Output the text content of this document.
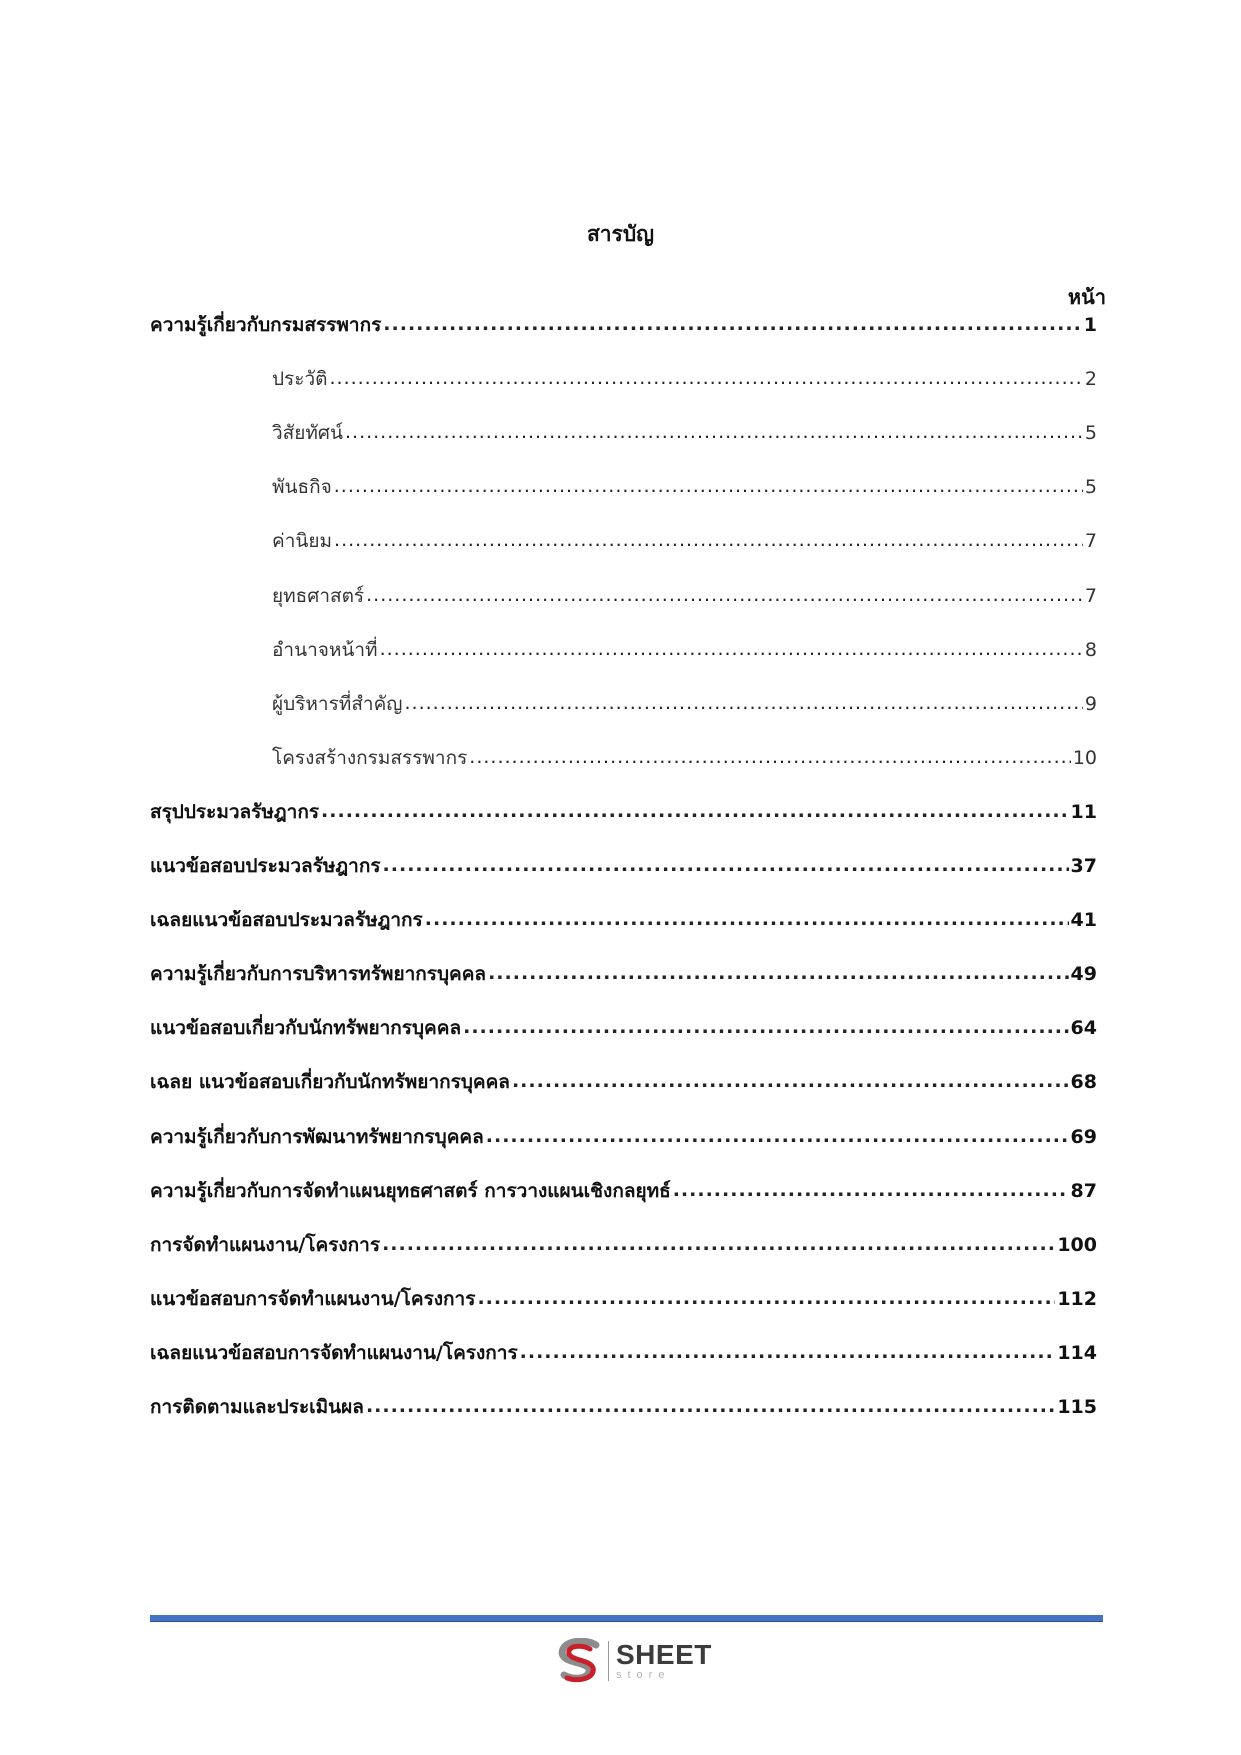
สารบัญ
หน้า
ความรู้เกี่ยวกับกรมสรรพากร .....	1
ประวัติ .....	2
วิสัยทัศน์ .....	5
พันธกิจ .....	5
ค่านิยม .....	7
ยุทธศาสตร์ .....	7
อำนาจหน้าที่ .....	8
ผู้บริหารที่สำคัญ .....	9
โครงสร้างกรมสรรพากร .....	10
สรุปประมวลรัษฎากร .....	11
แนวข้อสอบประมวลรัษฎากร .....	37
เฉลยแนวข้อสอบประมวลรัษฎากร .....	41
ความรู้เกี่ยวกับการบริหารทรัพยากรบุคคล .....	49
แนวข้อสอบเกี่ยวกับนักทรัพยากรบุคคล .....	64
เฉลย แนวข้อสอบเกี่ยวกับนักทรัพยากรบุคคล .....	68
ความรู้เกี่ยวกับการพัฒนาทรัพยากรบุคคล .....	69
ความรู้เกี่ยวกับการจัดทำแผนยุทธศาสตร์ การวางแผนเชิงกลยุทธ์ .....	87
การจัดทำแผนงาน/โครงการ .....	100
แนวข้อสอบการจัดทำแผนงาน/โครงการ .....	112
เฉลยแนวข้อสอบการจัดทำแผนงาน/โครงการ .....	114
การติดตามและประเมินผล .....	115
SHEET
store
